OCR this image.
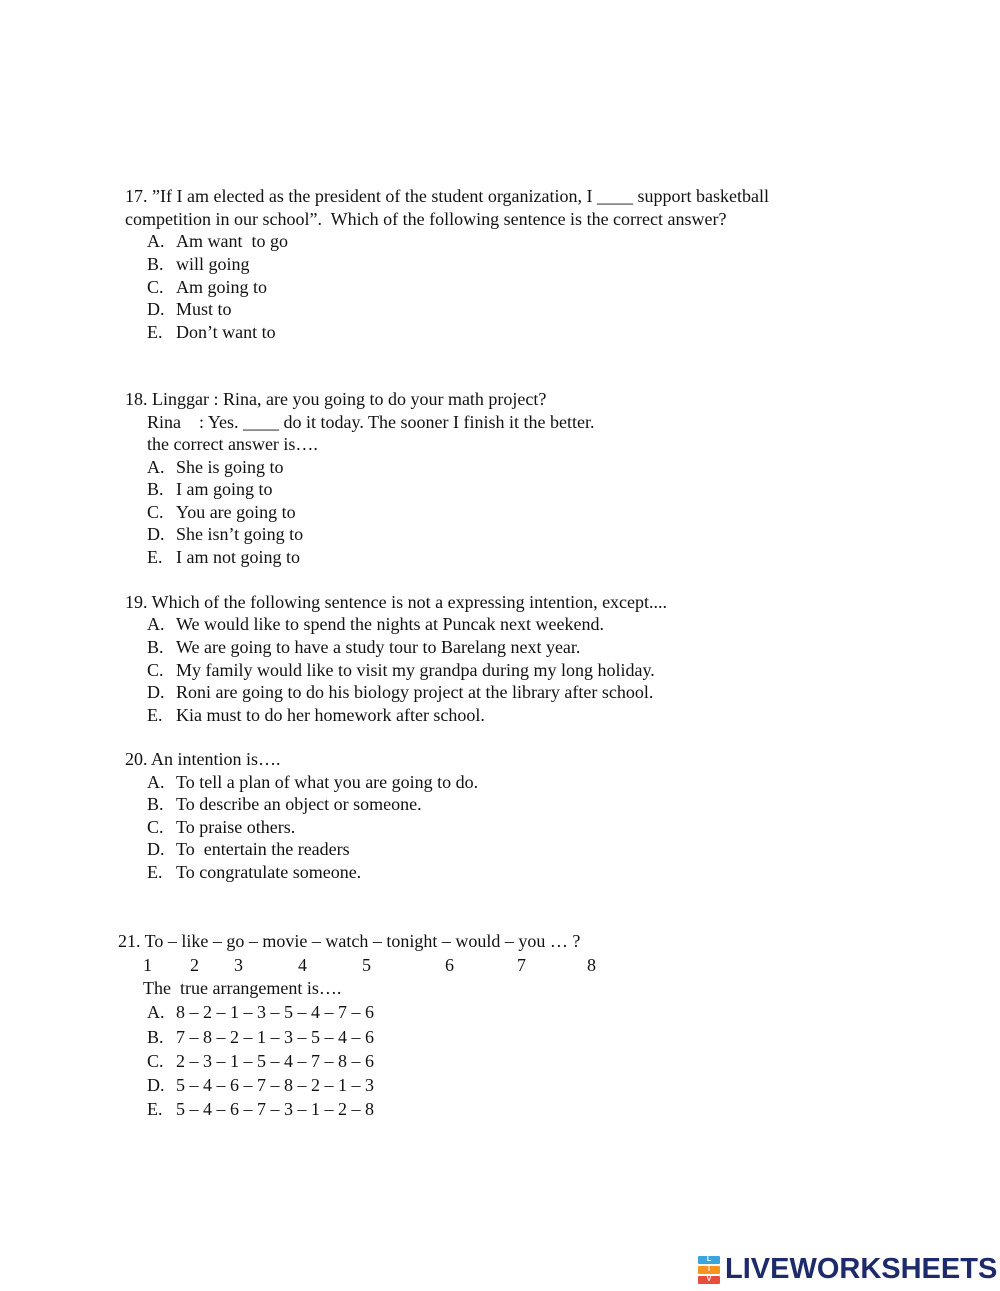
17. ”If I am elected as the president of the student organization, I ____ support basketball
competition in our school”.  Which of the following sentence is the correct answer?
A. Am want  to go
B. will going
C. Am going to
D. Must to
E. Don’t want to
18. Linggar : Rina, are you going to do your math project?
Rina    : Yes. ____ do it today. The sooner I finish it the better.
the correct answer is….
A. She is going to
B. I am going to
C. You are going to
D. She isn’t going to
E. I am not going to
19. Which of the following sentence is not a expressing intention, except....
A. We would like to spend the nights at Puncak next weekend.
B. We are going to have a study tour to Barelang next year.
C. My family would like to visit my grandpa during my long holiday.
D. Roni are going to do his biology project at the library after school.
E. Kia must to do her homework after school.
20. An intention is….
A. To tell a plan of what you are going to do.
B. To describe an object or someone.
C. To praise others.
D. To  entertain the readers
E. To congratulate someone.
21. To – like – go – movie – watch – tonight – would – you … ?
1 2 3	4	5	6	7	8
The  true arrangement is….
A. 8 – 2 – 1 – 3 – 5 – 4 – 7 – 6
B. 7 – 8 – 2 – 1 – 3 – 5 – 4 – 6
C. 2 – 3 – 1 – 5 – 4 – 7 – 8 – 6
D. 5 – 4 – 6 – 7 – 8 – 2 – 1 – 3
E. 5 – 4 – 6 – 7 – 3 – 1 – 2 – 8
L
I
V LIVEWORKSHEETS
